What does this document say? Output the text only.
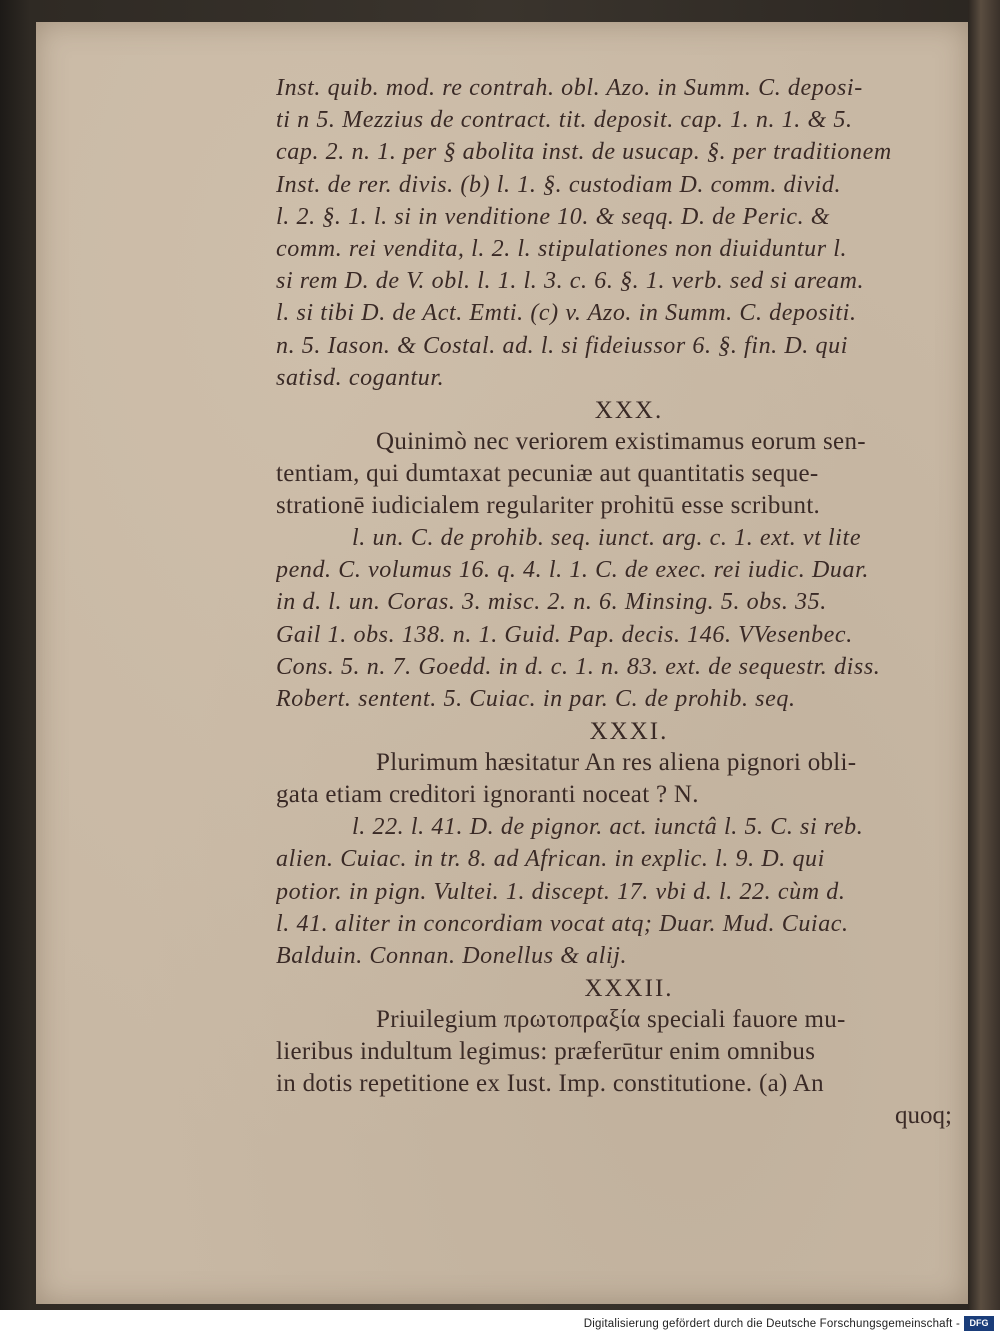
Inst. quib. mod. re contrah. obl. Azo. in Summ. C. deposi-
ti n 5. Mezzius de contract. tit. deposit. cap. 1. n. 1. & 5.
cap. 2. n. 1. per § abolita inst. de usucap. §. per traditionem
Inst. de rer. divis. (b) l. 1. §. custodiam D. comm. divid.
l. 2. §. 1. l. si in venditione 10. & seqq. D. de Peric. &
comm. rei vendita, l. 2. l. stipulationes non diuiduntur l.
si rem D. de V. obl. l. 1. l. 3. c. 6. §. 1. verb. sed si aream.
l. si tibi D. de Act. Emti. (c) v. Azo. in Summ. C. depositi.
n. 5. Iason. & Costal. ad. l. si fideiussor 6. §. fin. D. qui
satisd. cogantur.
XXX.
Quinimò nec veriorem existimamus eorum sen-
tentiam, qui dumtaxat pecuniæ aut quantitatis seque-
strationē iudicialem regulariter prohitū esse scribunt.
l. un. C. de prohib. seq. iunct. arg. c. 1. ext. vt lite
pend. C. volumus 16. q. 4. l. 1. C. de exec. rei iudic. Duar.
in d. l. un. Coras. 3. misc. 2. n. 6. Minsing. 5. obs. 35.
Gail 1. obs. 138. n. 1. Guid. Pap. decis. 146. VVesenbec.
Cons. 5. n. 7. Goedd. in d. c. 1. n. 83. ext. de sequestr. diss.
Robert. sentent. 5. Cuiac. in par. C. de prohib. seq.
XXXI.
Plurimum hæsitatur An res aliena pignori obli-
gata etiam creditori ignoranti noceat ? N.
l. 22. l. 41. D. de pignor. act. iunctâ l. 5. C. si reb.
alien. Cuiac. in tr. 8. ad African. in explic. l. 9. D. qui
potior. in pign. Vultei. 1. discept. 17. vbi d. l. 22. cùm d.
l. 41. aliter in concordiam vocat atq; Duar. Mud. Cuiac.
Balduin. Connan. Donellus & alij.
XXXII.
Priuilegium πρωτοπραξία speciali fauore mu-
lieribus indultum legimus: præferūtur enim omnibus
in dotis repetitione ex Iust. Imp. constitutione. (a) An
quoq;
Digitalisierung gefördert durch die Deutsche Forschungsgemeinschaft -	DFG
